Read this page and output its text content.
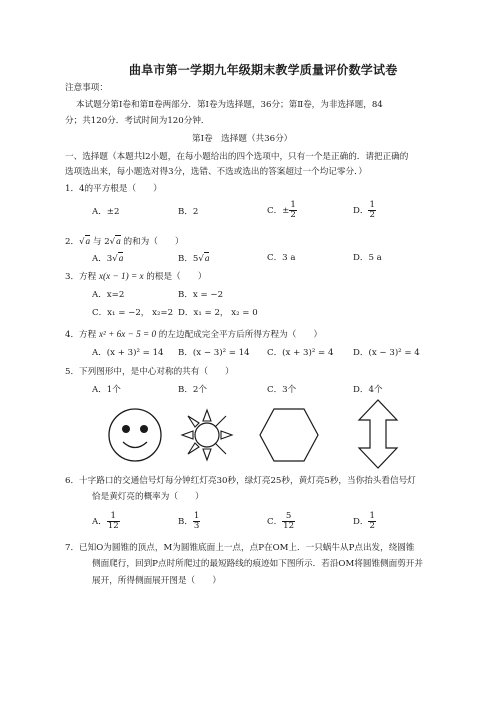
曲阜市第一学期九年级期末教学质量评价数学试卷
注意事项：
本试题分第Ⅰ卷和第Ⅱ卷两部分．第Ⅰ卷为选择题，36分；第Ⅱ卷，为非选择题，84
分；共120分．考试时间为120分钟．
第Ⅰ卷　选择题（共36分）
一、选择题（本题共l2小题，在每小题给出的四个选项中，只有一个是正确的．请把正确的
选项选出来，每小题选对得3分，选错、不选或选出的答案超过一个均记零分．）
1．4的平方根是（　　）
A．±2	B．2	C．± $\frac{1}{2}$	D． $\frac{1}{2}$
2．√a 与 2√a 的和为（　　）
A．3√a	B．5√a	C．3 a	D．5 a
3．方程 x(x − 1) = x 的根是（　　）
A．x=2	B．x = −2
C．x₁ = −2， x₂=2 D．x₁ = 2， x₂ = 0
4．方程 x² + 6x − 5 = 0 的左边配成完全平方后所得方程为（　　）
A．(x + 3)² = 14 B．(x − 3)² = 14 C．(x + 3)² = 4 D．(x − 3)² = 4
5．下列图形中，是中心对称的共有（　　）
A．1个	B．2个	C．3个	D．4个
6．十字路口的交通信号灯每分钟红灯亮30秒，绿灯亮25秒，黄灯亮5秒，当你抬头看信号灯
恰是黄灯亮的概率为（　　）
A． $\frac{1}{12}$	B． $\frac{1}{3}$	C． $\frac{5}{12}$	D． $\frac{1}{2}$
7．已知O为圆锥的顶点，M为圆锥底面上一点，点P在OM上．一只蜗牛从P点出发，绕圆锥
侧面爬行，回到P点时所爬过的最短路线的痕迹如下图所示．若沿OM将圆锥侧面剪开并
展开，所得侧面展开图是（　　）
